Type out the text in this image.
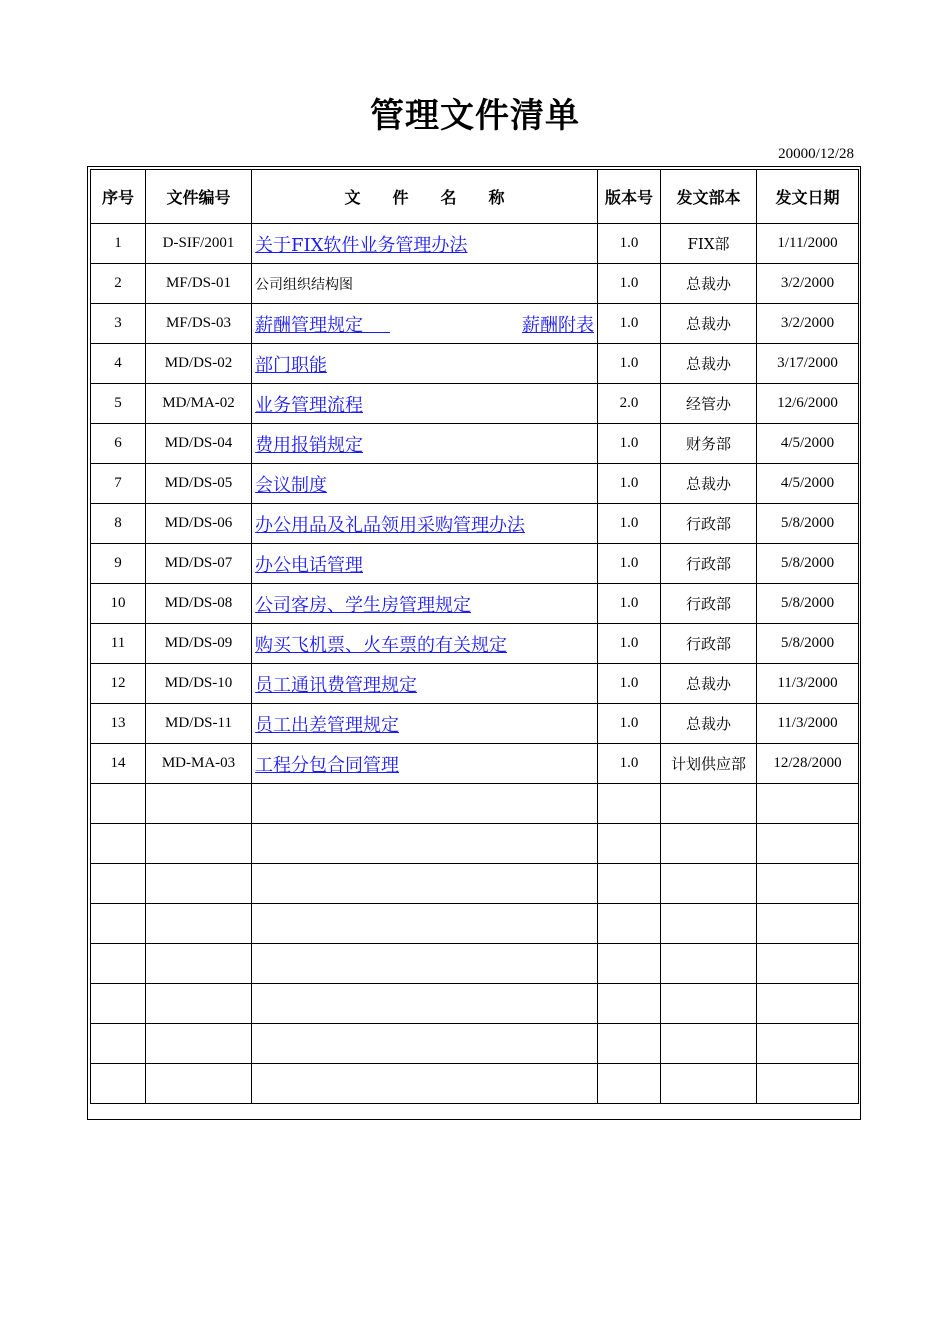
管理文件清单
20000/12/28
序号	文件编号	文   件   名   称	版本号	发文部本	发文日期
1	D-SIF/2001	关于FIX软件业务管理办法	1.0	FIX部	1/11/2000
2	MF/DS-01	公司组织结构图	1.0	总裁办	3/2/2000
3	MF/DS-03	薪酬管理规定   薪酬附表	1.0	总裁办	3/2/2000
4	MD/DS-02	部门职能	1.0	总裁办	3/17/2000
5	MD/MA-02	业务管理流程	2.0	经管办	12/6/2000
6	MD/DS-04	费用报销规定	1.0	财务部	4/5/2000
7	MD/DS-05	会议制度	1.0	总裁办	4/5/2000
8	MD/DS-06	办公用品及礼品领用采购管理办法	1.0	行政部	5/8/2000
9	MD/DS-07	办公电话管理	1.0	行政部	5/8/2000
10	MD/DS-08	公司客房、学生房管理规定	1.0	行政部	5/8/2000
11	MD/DS-09	购买飞机票、火车票的有关规定	1.0	行政部	5/8/2000
12	MD/DS-10	员工通讯费管理规定	1.0	总裁办	11/3/2000
13	MD/DS-11	员工出差管理规定	1.0	总裁办	11/3/2000
14	MD-MA-03	工程分包合同管理	1.0	计划供应部	12/28/2000
